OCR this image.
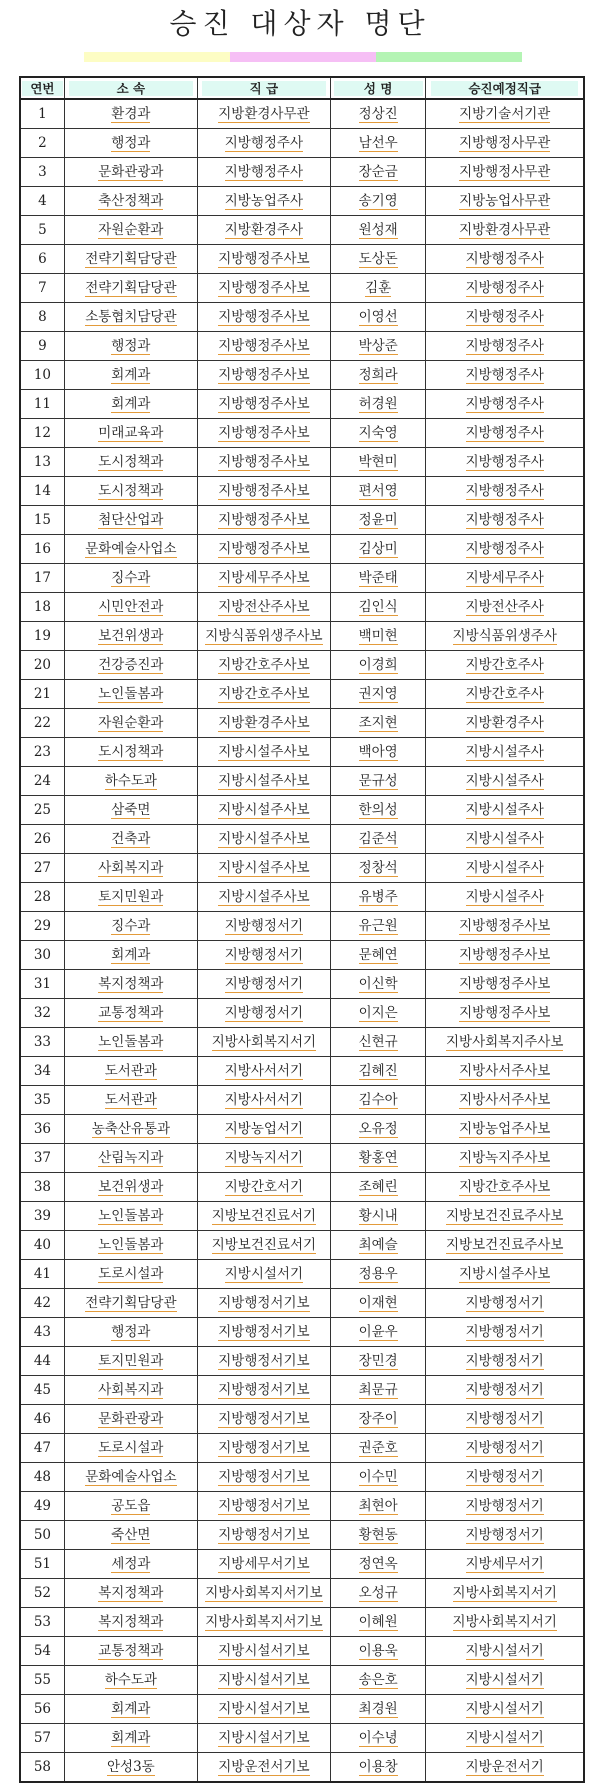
승진 대상자 명단
연번	소 속	직 급	성 명	승진예정직급
1	환경과	지방환경사무관	정상진	지방기술서기관
2	행정과	지방행정주사	남선우	지방행정사무관
3	문화관광과	지방행정주사	장순금	지방행정사무관
4	축산정책과	지방농업주사	송기영	지방농업사무관
5	자원순환과	지방환경주사	원성재	지방환경사무관
6	전략기획담당관	지방행정주사보	도상돈	지방행정주사
7	전략기획담당관	지방행정주사보	김훈	지방행정주사
8	소통협치담당관	지방행정주사보	이영선	지방행정주사
9	행정과	지방행정주사보	박상준	지방행정주사
10	회계과	지방행정주사보	정희라	지방행정주사
11	회계과	지방행정주사보	허경원	지방행정주사
12	미래교육과	지방행정주사보	지숙영	지방행정주사
13	도시정책과	지방행정주사보	박현미	지방행정주사
14	도시정책과	지방행정주사보	편서영	지방행정주사
15	첨단산업과	지방행정주사보	정윤미	지방행정주사
16	문화예술사업소	지방행정주사보	김상미	지방행정주사
17	징수과	지방세무주사보	박준태	지방세무주사
18	시민안전과	지방전산주사보	김인식	지방전산주사
19	보건위생과	지방식품위생주사보	백미현	지방식품위생주사
20	건강증진과	지방간호주사보	이경희	지방간호주사
21	노인돌봄과	지방간호주사보	권지영	지방간호주사
22	자원순환과	지방환경주사보	조지현	지방환경주사
23	도시정책과	지방시설주사보	백아영	지방시설주사
24	하수도과	지방시설주사보	문규성	지방시설주사
25	삼죽면	지방시설주사보	한의성	지방시설주사
26	건축과	지방시설주사보	김준석	지방시설주사
27	사회복지과	지방시설주사보	정창석	지방시설주사
28	토지민원과	지방시설주사보	유병주	지방시설주사
29	징수과	지방행정서기	유근원	지방행정주사보
30	회계과	지방행정서기	문혜연	지방행정주사보
31	복지정책과	지방행정서기	이신학	지방행정주사보
32	교통정책과	지방행정서기	이지은	지방행정주사보
33	노인돌봄과	지방사회복지서기	신현규	지방사회복지주사보
34	도서관과	지방사서서기	김혜진	지방사서주사보
35	도서관과	지방사서서기	김수아	지방사서주사보
36	농축산유통과	지방농업서기	오유정	지방농업주사보
37	산림녹지과	지방녹지서기	황홍연	지방녹지주사보
38	보건위생과	지방간호서기	조혜린	지방간호주사보
39	노인돌봄과	지방보건진료서기	황시내	지방보건진료주사보
40	노인돌봄과	지방보건진료서기	최예슬	지방보건진료주사보
41	도로시설과	지방시설서기	정용우	지방시설주사보
42	전략기획담당관	지방행정서기보	이재현	지방행정서기
43	행정과	지방행정서기보	이윤우	지방행정서기
44	토지민원과	지방행정서기보	장민경	지방행정서기
45	사회복지과	지방행정서기보	최문규	지방행정서기
46	문화관광과	지방행정서기보	장주이	지방행정서기
47	도로시설과	지방행정서기보	권준호	지방행정서기
48	문화예술사업소	지방행정서기보	이수민	지방행정서기
49	공도읍	지방행정서기보	최현아	지방행정서기
50	죽산면	지방행정서기보	황현동	지방행정서기
51	세정과	지방세무서기보	정연옥	지방세무서기
52	복지정책과	지방사회복지서기보	오성규	지방사회복지서기
53	복지정책과	지방사회복지서기보	이혜원	지방사회복지서기
54	교통정책과	지방시설서기보	이용욱	지방시설서기
55	하수도과	지방시설서기보	송은호	지방시설서기
56	회계과	지방시설서기보	최경원	지방시설서기
57	회계과	지방시설서기보	이수녕	지방시설서기
58	안성3동	지방운전서기보	이용창	지방운전서기
